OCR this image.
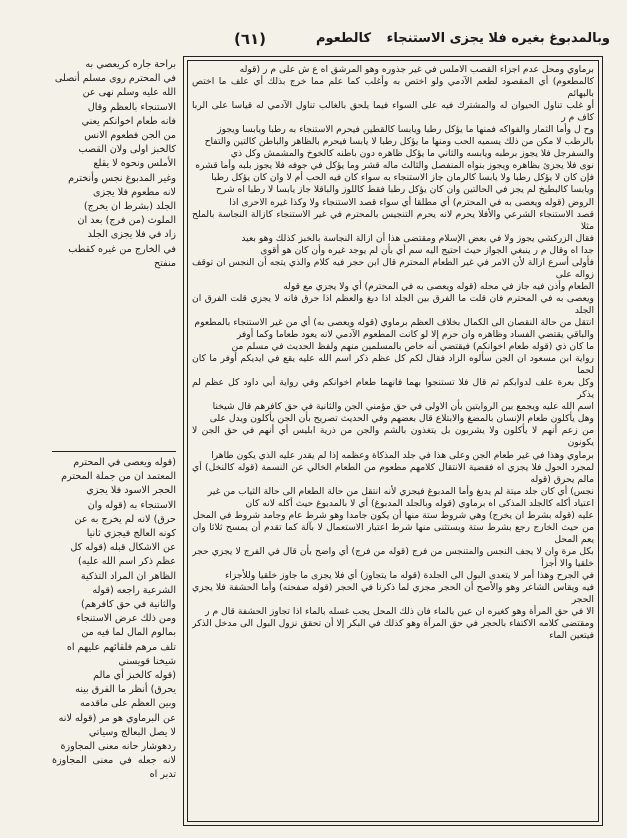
وبالمدبوغ بغيره فلا يجزى الاستنجاء
(٦١)	كالطعوم

برماوي ومحل عدم اجزاء القصب الاملس في غير جذوره وهو المرشق اه ع ش على م ر (قوله

كالمطعوم) أي المقصود لطعم الآدمي ولو اختص به وأغلب كما علم مما خرج بذلك أي علف ما اختص بالبهائم

أو غلب تناول الحيوان له والمشترك فيه على السواء فيما يلحق بالغالب تناول الآدمي له قياسا على الربا كاف م ر

وح ل وأما الثمار والفواكه فمنها ما يؤكل رطبا ويابسا كالقطين فيحرم الاستنجاء به رطبا ويابسا ويجوز

بالرطب لا مكن من ذلك يسميه الحب ومنها ما يؤكل رطبا لا يابسا فيحرم بالظاهر والباطن كالتين والتفاح

والسفرجل فلا يجوز برطبه ويابسه والثاني ما يؤكل ظاهره دون باطنه كالخوخ والمشمش وكل ذي

نوى فلا يجزئ بظاهره ويجوز بنواه المنفصل والثالث ماله قشر وما يؤكل في جوفه فلا يجوز بلبه وأما قشره

فإن كان لا يؤكل رطبا ولا يابسا كالرمان جاز الاستنجاء به سواء كان فيه الحب أم لا وان كان يؤكل رطبا

ويابسا كالبطيخ لم يجز في الحالتين وان كان يؤكل رطبا فقط كاللوز والباقلا جاز يابسا لا رطبا اه شرح

الروض (قوله ويعصى به في المحترم) أي مطلقا أي سواء قصد الاستنجاء ولا وكذا غيره الاحرى اذا

قصد الاستنجاء الشرعي والأفلا يحرم لانه يحرم التنجيس بالمحترم في غير الاستنجاء كازالة النجاسة بالملح مثلا

فقال الزركشي يجوز ولا في بعض الإسلام ومقتضى هذا أن ازالة النجاسة بالخبز كذلك وهو بعيد

جدا اه وقال م ر ينبغي الجواز حيث احتيج اليه سم أي بأن لم يوجد غيره وأن كان هو أقوى

فأولى أسرع ازالة لأن الامر في غير الطعام المحترم قال ابن حجر فيه كلام والذي يتجه أن النجس ان توقف زواله على

الطعام وأذن فيه جاز في محله (قوله ويعصى به في المحترم) أي ولا يجزي مع قوله

ويعصى به في المحترم فان قلت ما الفرق بين الجلد اذا دبغ والعظم اذا حرق فانه لا يجزي قلت الفرق ان الجلد

انتقل من حالة النقصان الى الكمال بخلاف العظم برماوي (قوله ويعصى به) أي من غير الاستنجاء بالمطعوم

والباقي يقتضي الفساد وظاهره وان حرم إلا لو كانت المطعوم الآدمي لانه يعود طعاما وكما أوفر

ما كان ذي (قوله طعام اخوانكم) فيقتضي أنه خاص بالمسلمين منهم ولفظ الحديث في مسلم من

رواية ابن مسعود ان الجن سألوه الزاد فقال لكم كل عظم ذكر اسم الله عليه يقع في ايديكم أوفر ما كان لحما

وكل بعرة علف لدوابكم ثم قال فلا تستنجوا بهما فانهما طعام اخوانكم وفي رواية أبي داود كل عظم لم يذكر

اسم الله عليه ويجمع بين الروايتين بأن الاولى في حق مؤمني الجن والثانية في حق كافرهم قال شيخنا

وهل يأكلون طعام الإنسان بالمضغ والابتلاع قال بعضهم وفي الحديث تصريح بأن الجن يأكلون ويدل على

من زعم أنهم لا يأكلون ولا يشربون بل يتغذون بالشم والجن من ذرية ابليس أي أنهم في حق الجن لا يكونون

برماوي وهذا في غير طعام الجن وعلى هذا في جلد المذكاة وعظمه إذا لم يقدر عليه الذي يكون طاهرا

لمجرد الحول فلا يجزي اه فقضية الانتقال كلامهم مطعوم من الطعام الخالي عن النسمة (قوله كالنخل) أي مالم يحرق (قوله

نجس) أي كان جلد ميتة لم يدبغ وأما المدبوغ فيجزي لأنه انتقل من حالة الطعام الى حالة الثياب من غير

اعتياد أكله كالجلد المذكى اه برماوي (قوله وبالجلد المدبوغ) أي لا بالمدبوغ حيث أكله لانه كان

عليه (قوله بشرط ان يخرج) وهي شروط ستة منها أن يكون جامدا وهو شرط عام وجامد شروط في المحل

من حيث الخارج رجع بشرط ستة ويستثنى منها شرط اعتبار الاستعمال لا بآلة كما تقدم أن يمسح ثلاثا وان يعم المحل

بكل مرة وان لا يجف النجس والمتنجس من فرج (قوله من فرج) أي واضح بأن قال في الفرج لا يجزي حجر خلقيا والا أجزأ

في الجرح وهذا أمر لا يتعدى البول الى الجلدة (قوله ما يتجاوز) أي فلا يجزى ما جاوز خلقيا وللأجزاء

فيه ويقاس الشاعر وهو والأصح أن الحجر مجزي لما ذكرنا في الحجر (قوله صفحته) وأما الحشفة فلا يجزي الحجر

الا في حق المرأة وهو كغيره ان عين بالماء فان ذلك المحل يجب غسله بالماء اذا تجاوز الحشفة قال م ر

ومقتضى كلامه الاكتفاء بالحجر في حق المرأة وهو كذلك في البكر إلا أن تحقق نزول البول الى مدخل الذكر فيتعين الماء

براحة جاره كريعصي به

في المحترم روى مسلم أنصلى

الله عليه وسلم نهى عن

الاستنجاء بالعظم وقال

فانه طعام اخوانكم يعني

من الجن فطعوم الانس

كالخبز اولى ولان القصب

الأملس ونحوه لا يقلع

وغير المدبوغ نجس وأنخترم

لانه مطعوم فلا يجزى

الجلد (بشرط ان يخرج)

الملوث (من فرج) بعد ان

زاد في فلا يجزى الجلد

في الخارج من غيره كقطب

منفتح

(قوله ويعصى في المحترم

المعتمد ان من جملة المحترم

الحجر الاسود فلا يجزي

الاستنجاء به (قوله وان

حرق) لانه لم يخرج به عن

كونه العالج فيجزي ثانيا

عن الاشكال قبله (قوله كل

عظم ذكر اسم الله عليه)

الظاهر ان المراد التذكية

الشرعية راجعه (قوله

والثانية في حق كافرهم)

ومن ذلك عرض الاستنجاء

بمالوم المال لما فيه من

تلف مرهم فلقائهم عليهم اه

شيخنا قويسني

(قوله كالخبز أي مالم

يحرق) أنظر ما الفرق بينه

وبين العظم على ماقدمه

عن البرماوي هو مر (قوله لانه

لا يصل البعالج وسياتي

ردهوشار حانه معنى المجاوزة

لانه جعله في معنى المجاوزة تدبر اه
